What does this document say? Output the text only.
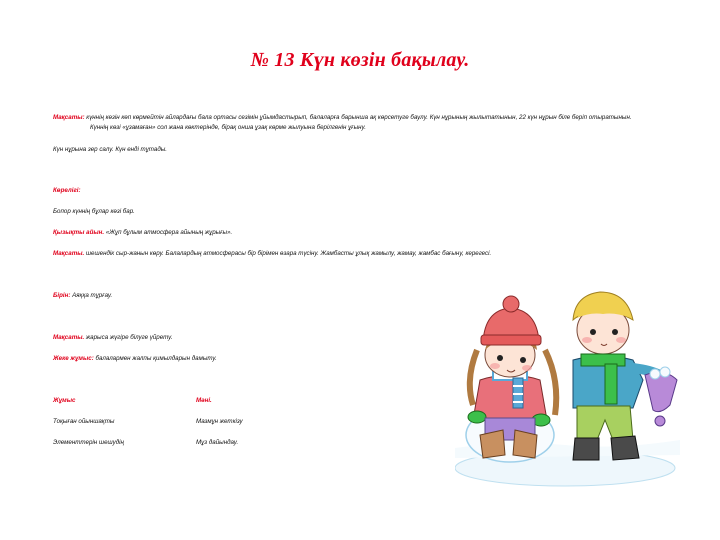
№ 13 Күн көзін бақылау.
Мақсаты: күннің көзін көп көрмейтін айлардағы бала ортасы сезімін ұйымдастырып, балаларға барынша ақ көрсетуге баулу. Күн нұрының жылытатынын, 22 күн нұрын біле беріп отыратынын.
Күннің көзі «ұзамаған» сол жана көктерінде, бірақ онша ұзақ көрме жылуына берілгенін ұғыну.
Күн нұрына зер салу. Күн енді тұтады.
Көрелігі:
Бопор күннің бұлар көзі бар.
Қызықты айын. «Жұп бұлым атмосфера айының жұрығы».
Мақсаты. шешендік сыр-жанын көру. Балалардың атмосферасы бір бірімен өзара түсіну. Жамбасты ұлық жамылу, жамау, жамбас бағыну, керегесі.
Бірін: Аяққа тұрғау.
Мақсаты. жарыса жүгіре білуге үйрету.
Жеке жұмыс: балалармен жалпы қимылдарын дамыту.
Жұмыс	Мәні.
Тоқыған ойыншақты	Мазмұн жеткізу
Элементтерін шешудің	Мұз дайындау.
